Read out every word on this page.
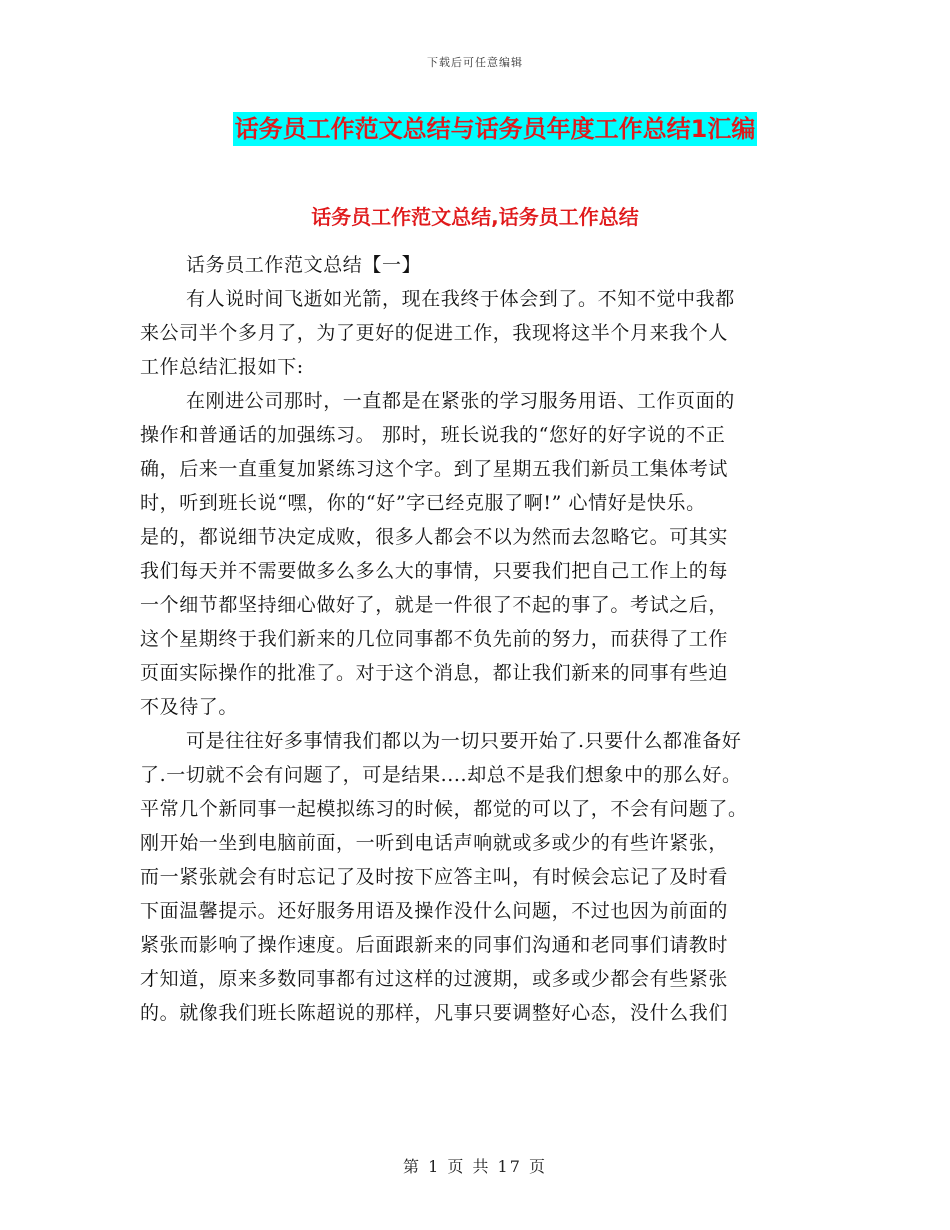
下载后可任意编辑
话务员工作范文总结与话务员年度工作总结1汇编
话务员工作范文总结,话务员工作总结
话务员工作范文总结【一】
有人说时间飞逝如光箭，现在我终于体会到了。不知不觉中我都
来公司半个多月了，为了更好的促进工作，我现将这半个月来我个人
工作总结汇报如下:
在刚进公司那时，一直都是在紧张的学习服务用语、工作页面的
操作和普通话的加强练习。 那时，班长说我的“您好的好字说的不正
确，后来一直重复加紧练习这个字。到了星期五我们新员工集体考试
时，听到班长说“嘿，你的“好”字已经克服了啊!” 心情好是快乐。
是的，都说细节决定成败，很多人都会不以为然而去忽略它。可其实
我们每天并不需要做多么多么大的事情，只要我们把自己工作上的每
一个细节都坚持细心做好了，就是一件很了不起的事了。考试之后，
这个星期终于我们新来的几位同事都不负先前的努力，而获得了工作
页面实际操作的批准了。对于这个消息，都让我们新来的同事有些迫
不及待了。
可是往往好多事情我们都以为一切只要开始了.只要什么都准备好
了.一切就不会有问题了，可是结果....却总不是我们想象中的那么好。
平常几个新同事一起模拟练习的时候，都觉的可以了，不会有问题了。
刚开始一坐到电脑前面，一听到电话声响就或多或少的有些许紧张，
而一紧张就会有时忘记了及时按下应答主叫，有时候会忘记了及时看
下面温馨提示。还好服务用语及操作没什么问题，不过也因为前面的
紧张而影响了操作速度。后面跟新来的同事们沟通和老同事们请教时
才知道，原来多数同事都有过这样的过渡期，或多或少都会有些紧张
的。就像我们班长陈超说的那样，凡事只要调整好心态，没什么我们
第 1 页 共 17 页
